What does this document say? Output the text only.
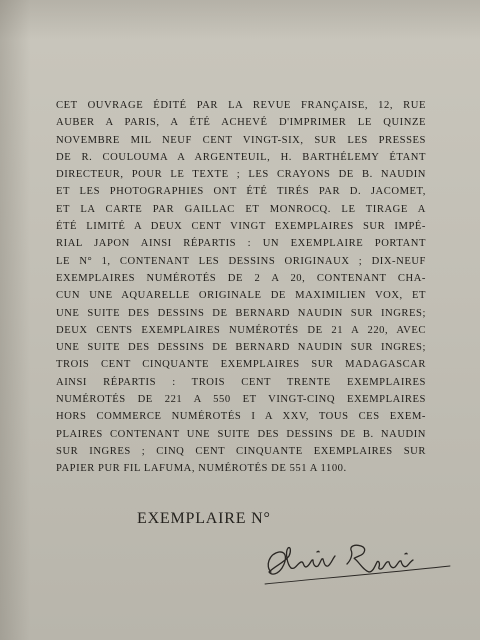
CET OUVRAGE ÉDITÉ PAR LA REVUE FRANÇAISE, 12, RUE
AUBER A PARIS, A ÉTÉ ACHEVÉ D'IMPRIMER LE QUINZE
NOVEMBRE MIL NEUF CENT VINGT-SIX, SUR LES PRESSES
DE R. COULOUMA A ARGENTEUIL, H. BARTHÉLEMY ÉTANT
DIRECTEUR, POUR LE TEXTE ; LES CRAYONS DE B. NAUDIN
ET LES PHOTOGRAPHIES ONT ÉTÉ TIRÉS PAR D. JACOMET,
ET LA CARTE PAR GAILLAC ET MONROCQ. LE TIRAGE A
ÉTÉ LIMITÉ A DEUX CENT VINGT EXEMPLAIRES SUR IMPÉ-
RIAL JAPON AINSI RÉPARTIS : UN EXEMPLAIRE PORTANT
LE N° 1, CONTENANT LES DESSINS ORIGINAUX ; DIX-NEUF
EXEMPLAIRES NUMÉROTÉS DE 2 A 20, CONTENANT CHA-
CUN UNE AQUARELLE ORIGINALE DE MAXIMILIEN VOX, ET
UNE SUITE DES DESSINS DE BERNARD NAUDIN SUR INGRES;
DEUX CENTS EXEMPLAIRES NUMÉROTÉS DE 21 A 220, AVEC
UNE SUITE DES DESSINS DE BERNARD NAUDIN SUR INGRES;
TROIS CENT CINQUANTE EXEMPLAIRES SUR MADAGASCAR
AINSI RÉPARTIS : TROIS CENT TRENTE EXEMPLAIRES
NUMÉROTÉS DE 221 A 550 ET VINGT-CINQ EXEMPLAIRES
HORS COMMERCE NUMÉROTÉS I A XXV, TOUS CES EXEM-
PLAIRES CONTENANT UNE SUITE DES DESSINS DE B. NAUDIN
SUR INGRES ; CINQ CENT CINQUANTE EXEMPLAIRES SUR
PAPIER PUR FIL LAFUMA, NUMÉROTÉS DE 551 A 1100.
EXEMPLAIRE N°
